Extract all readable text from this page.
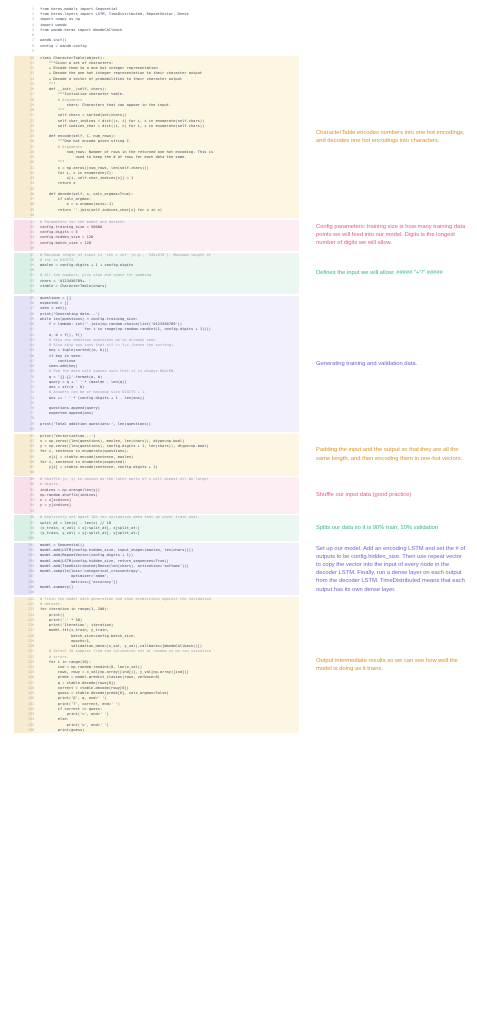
1 from keras.models import Sequential
2 from keras.layers import LSTM, TimeDistributed, RepeatVector, Dense
3 import numpy as np
4 import wandb
5 from wandb.keras import WandbCallback
6
7 wandb.init()
8 config = wandb.config
9
10 class CharacterTable(object):
11 """Given a set of characters:
12 + Encode them to a one hot integer representation
13 + Decode the one hot integer representation to their character output
14 + Decode a vector of probabilities to their character output
15 """
16 def __init__(self, chars):
17 """Initialize character table.
18 # Arguments
19 chars: Characters that can appear in the input.
20 """
21 self.chars = sorted(set(chars))
22 self.char_indices = dict((c, i) for i, c in enumerate(self.chars))
23 self.indices_char = dict((i, c) for i, c in enumerate(self.chars))
24
25 def encode(self, C, num_rows):
26 """One hot encode given string C.
27 # Arguments
28 num_rows: Number of rows in the returned one hot encoding. This is
29 used to keep the # of rows for each data the same.
30 """
31 x = np.zeros((num_rows, len(self.chars)))
32 for i, c in enumerate(C):
33 x[i, self.char_indices[c]] = 1
34 return x
35
36 def decode(self, x, calc_argmax=True):
37 if calc_argmax:
38 x = x.argmax(axis=-1)
39 return ''.join(self.indices_char[x] for x in x)
40
CharacterTable encodes numbers into one hot encodings, and decodes one hot encodings into characters.
41 # Parameters for the model and dataset.
42 config.training_size = 50000
43 config.digits = 5
44 config.hidden_size = 128
45 config.batch_size = 128
46
Config parameters: training size is how many training data points we will feed into our model. Digits is the longest number of digits we will allow.
47 # Maximum length of input is 'int + int' (e.g., '345+678'). Maximum length of
48 # int is DIGITS.
49 maxlen = config.digits + 1 + config.digits
50
51 # All the numbers, plus sign and space for padding.
52 chars = '0123456789+- '
53 ctable = CharacterTable(chars)
54
Defines the input we will allow: ##### "+"/" #####
55 questions = []
56 expected = []
57 seen = set()
58 print('Generating data...')
59 while len(questions) < config.training_size:
60 f = lambda: int(''.join(np.random.choice(list('0123456789'))
61 for i in range(np.random.randint(1, config.digits + 1))))
62 a, b = f(), f()
63 # Skip any addition questions we've already seen
64 # Also skip any such that x+Y == Y+x (hence the sorting).
65 key = tuple(sorted((a, b)))
66 if key in seen:
67 continue
68 seen.add(key)
69 # Pad the data with spaces such that it is always MAXLEN.
70 q = '{}-{}'.format(a, b)
71 query = q + ' ' * (maxlen - len(q))
72 ans = str(a - b)
73 # Answers can be of maximum size DIGITS + 1.
74 ans += ' ' * (config.digits + 1 - len(ans))
75
76 questions.append(query)
77 expected.append(ans)
78
79 print('Total addition questions:', len(questions))
80
Generating training and validation data.
81 print('Vectorization...')
82 x = np.zeros((len(questions), maxlen, len(chars)), dtype=np.bool)
83 y = np.zeros((len(questions), config.digits + 1, len(chars)), dtype=np.bool)
84 for i, sentence in enumerate(questions):
85 x[i] = ctable.encode(sentence, maxlen)
86 for i, sentence in enumerate(expected):
87 y[i] = ctable.encode(sentence, config.digits + 1)
88
Padding the input and the output so that they are all the same length, and then encoding them in one-hot vectors.
89 # Shuffle (x, y) in unison as the later parts of x will almost all be larger
90 # digits.
91 indices = np.arange(len(y))
92 np.random.shuffle(indices)
93 x = x[indices]
94 y = y[indices]
95
Shuffle our input data (good practice)
96 # Explicitly set apart 10% for validation data that we never train over.
97 split_at = len(x) - len(x) // 10
98 (x_train, x_val) = x[:split_at], x[split_at:]
99 (y_train, y_val) = y[:split_at], y[split_at:]
100
Splits our data so it is 90% train, 10% validation
101 model = Sequential()
102 model.add(LSTM(config.hidden_size, input_shape=(maxlen, len(chars))))
103 model.add(RepeatVector(config.digits + 1))
104 model.add(LSTM(config.hidden_size, return_sequences=True))
105 model.add(TimeDistributed(Dense(len(chars), activation='softmax')))
106 model.compile(loss='categorical_crossentropy',
107 optimizer='adam',
108 metrics=['accuracy'])
109 model.summary()
110
Set up our model. Add an encoding LSTM and set the # of outputs to be config.hidden_size. Then use repeat vector to copy the vector into the input of every node in the decoder LSTM. Finally, run a dense layer on each output from the decoder LSTM. TimeDistributed means that each output has its own dense layer.
111 # Train the model each generation and show predictions against the validation
112 # dataset.
113 for iteration in range(1, 200):
114 print()
115 print('-' * 50)
116 print('Iteration', iteration)
117 model.fit(x_train, y_train,
118 batch_size=config.batch_size,
119 epochs=1,
120 validation_data=(x_val, y_val),callbacks=[WandbCallback()])
121 # Select 10 samples from the validation set at random so we can visualize
122 # errors.
123 for i in range(10):
124 ind = np.random.randint(0, len(x_val))
125 rowx, rowy = x_val[np.array([ind])], y_val[np.array([ind])]
126 preds = model.predict_classes(rowx, verbose=0)
127 q = ctable.decode(rowx[0])
128 correct = ctable.decode(rowy[0])
129 guess = ctable.decode(preds[0], calc_argmax=False)
130 print('Q', q, end=' ')
131 print('T', correct, end=' ')
132 if correct == guess:
133 print('☑', end=' ')
134 else:
135 print('☒', end=' ')
136 print(guess)
Output intermediate results so we can see how well the model is doing as it trains.
